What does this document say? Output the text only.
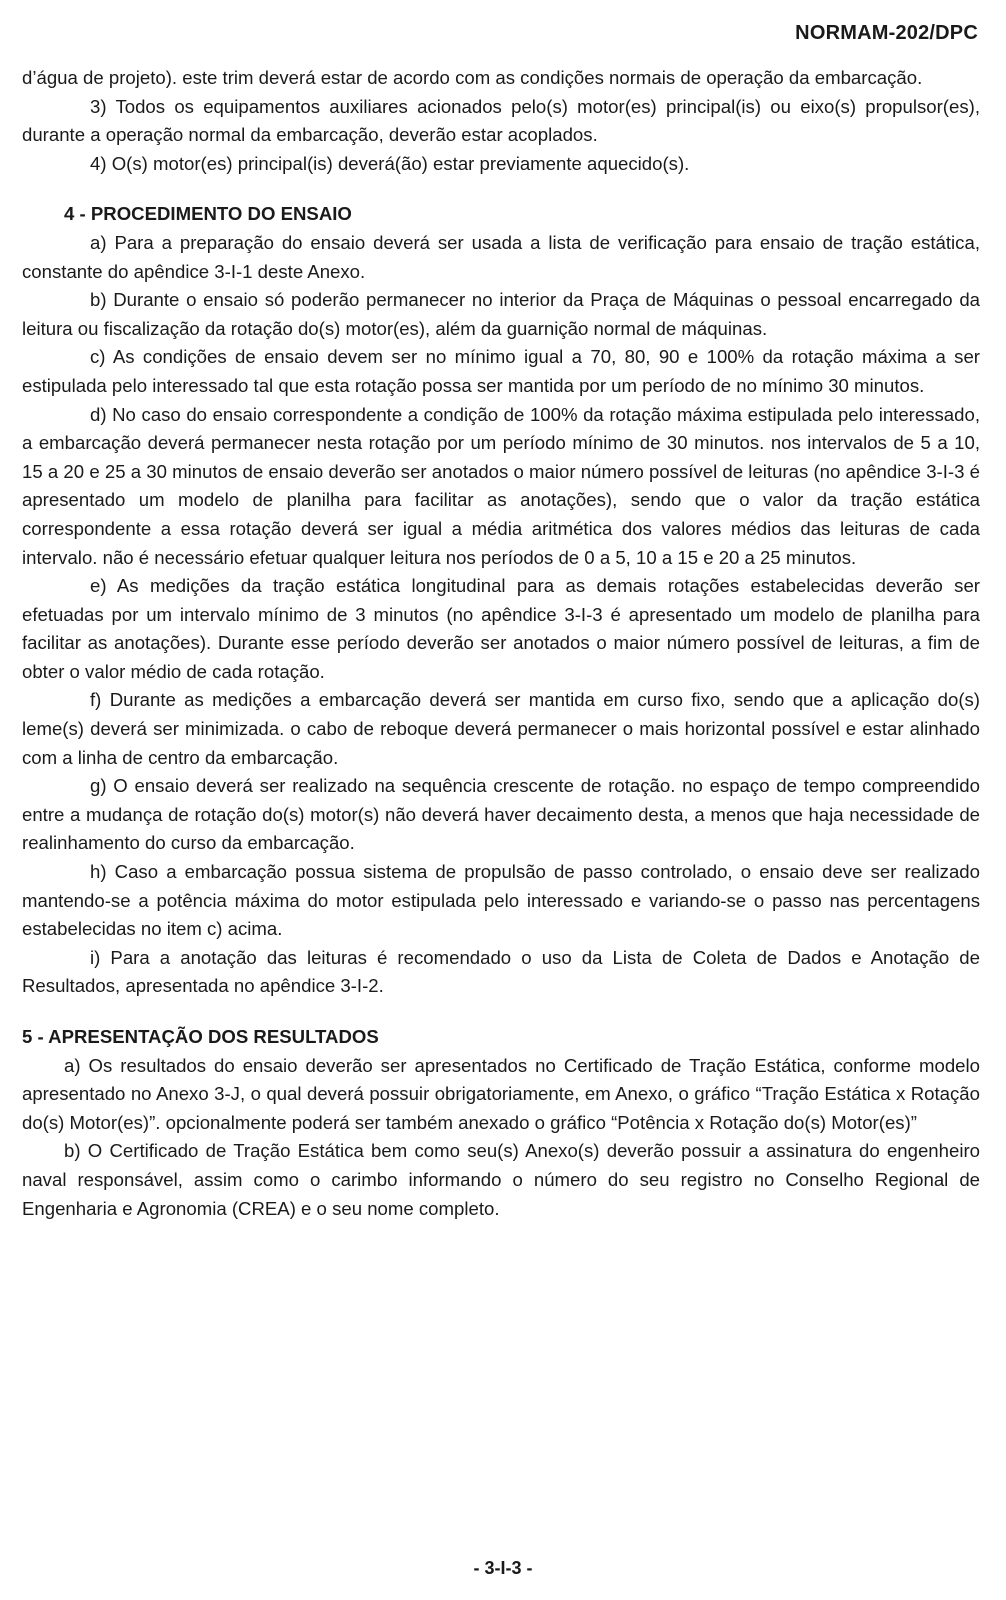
NORMAM-202/DPC

d’água de projeto). este trim deverá estar de acordo com as condições normais de operação da embarcação.

3) Todos os equipamentos auxiliares acionados pelo(s) motor(es) principal(is) ou eixo(s) propulsor(es), durante a operação normal da embarcação, deverão estar acoplados.

4) O(s) motor(es) principal(is) deverá(ão) estar previamente aquecido(s).

4 - PROCEDIMENTO DO ENSAIO

a) Para a preparação do ensaio deverá ser usada a lista de verificação para ensaio de tração estática, constante do apêndice 3-I-1 deste Anexo.

b) Durante o ensaio só poderão permanecer no interior da Praça de Máquinas o pessoal encarregado da leitura ou fiscalização da rotação do(s) motor(es), além da guarnição normal de máquinas.

c) As condições de ensaio devem ser no mínimo igual a 70, 80, 90 e 100% da rotação máxima a ser estipulada pelo interessado tal que esta rotação possa ser mantida por um período de no mínimo 30 minutos.

d) No caso do ensaio correspondente a condição de 100% da rotação máxima estipulada pelo interessado, a embarcação deverá permanecer nesta rotação por um período mínimo de 30 minutos. nos intervalos de 5 a 10, 15 a 20 e 25 a 30 minutos de ensaio deverão ser anotados o maior número possível de leituras (no apêndice 3-I-3 é apresentado um modelo de planilha para facilitar as anotações), sendo que o valor da tração estática correspondente a essa rotação deverá ser igual a média aritmética dos valores médios das leituras de cada intervalo. não é necessário efetuar qualquer leitura nos períodos de 0 a 5, 10 a 15 e 20 a 25 minutos.

e) As medições da tração estática longitudinal para as demais rotações estabelecidas deverão ser efetuadas por um intervalo mínimo de 3 minutos (no apêndice 3-I-3 é apresentado um modelo de planilha para facilitar as anotações). Durante esse período deverão ser anotados o maior número possível de leituras, a fim de obter o valor médio de cada rotação.

f) Durante as medições a embarcação deverá ser mantida em curso fixo, sendo que a aplicação do(s) leme(s) deverá ser minimizada. o cabo de reboque deverá permanecer o mais horizontal possível e estar alinhado com a linha de centro da embarcação.

g) O ensaio deverá ser realizado na sequência crescente de rotação. no espaço de tempo compreendido entre a mudança de rotação do(s) motor(s) não deverá haver decaimento desta, a menos que haja necessidade de realinhamento do curso da embarcação.

h) Caso a embarcação possua sistema de propulsão de passo controlado, o ensaio deve ser realizado mantendo-se a potência máxima do motor estipulada pelo interessado e variando-se o passo nas percentagens estabelecidas no item c) acima.

i) Para a anotação das leituras é recomendado o uso da Lista de Coleta de Dados e Anotação de Resultados, apresentada no apêndice 3-I-2.

5 - APRESENTAÇÃO DOS RESULTADOS

a) Os resultados do ensaio deverão ser apresentados no Certificado de Tração Estática, conforme modelo apresentado no Anexo 3-J, o qual deverá possuir obrigatoriamente, em Anexo, o gráfico “Tração Estática x Rotação do(s) Motor(es)”. opcionalmente poderá ser também anexado o gráfico “Potência x Rotação do(s) Motor(es)”

b) O Certificado de Tração Estática bem como seu(s) Anexo(s) deverão possuir a assinatura do engenheiro naval responsável, assim como o carimbo informando o número do seu registro no Conselho Regional de Engenharia e Agronomia (CREA) e o seu nome completo.

- 3-I-3 -
